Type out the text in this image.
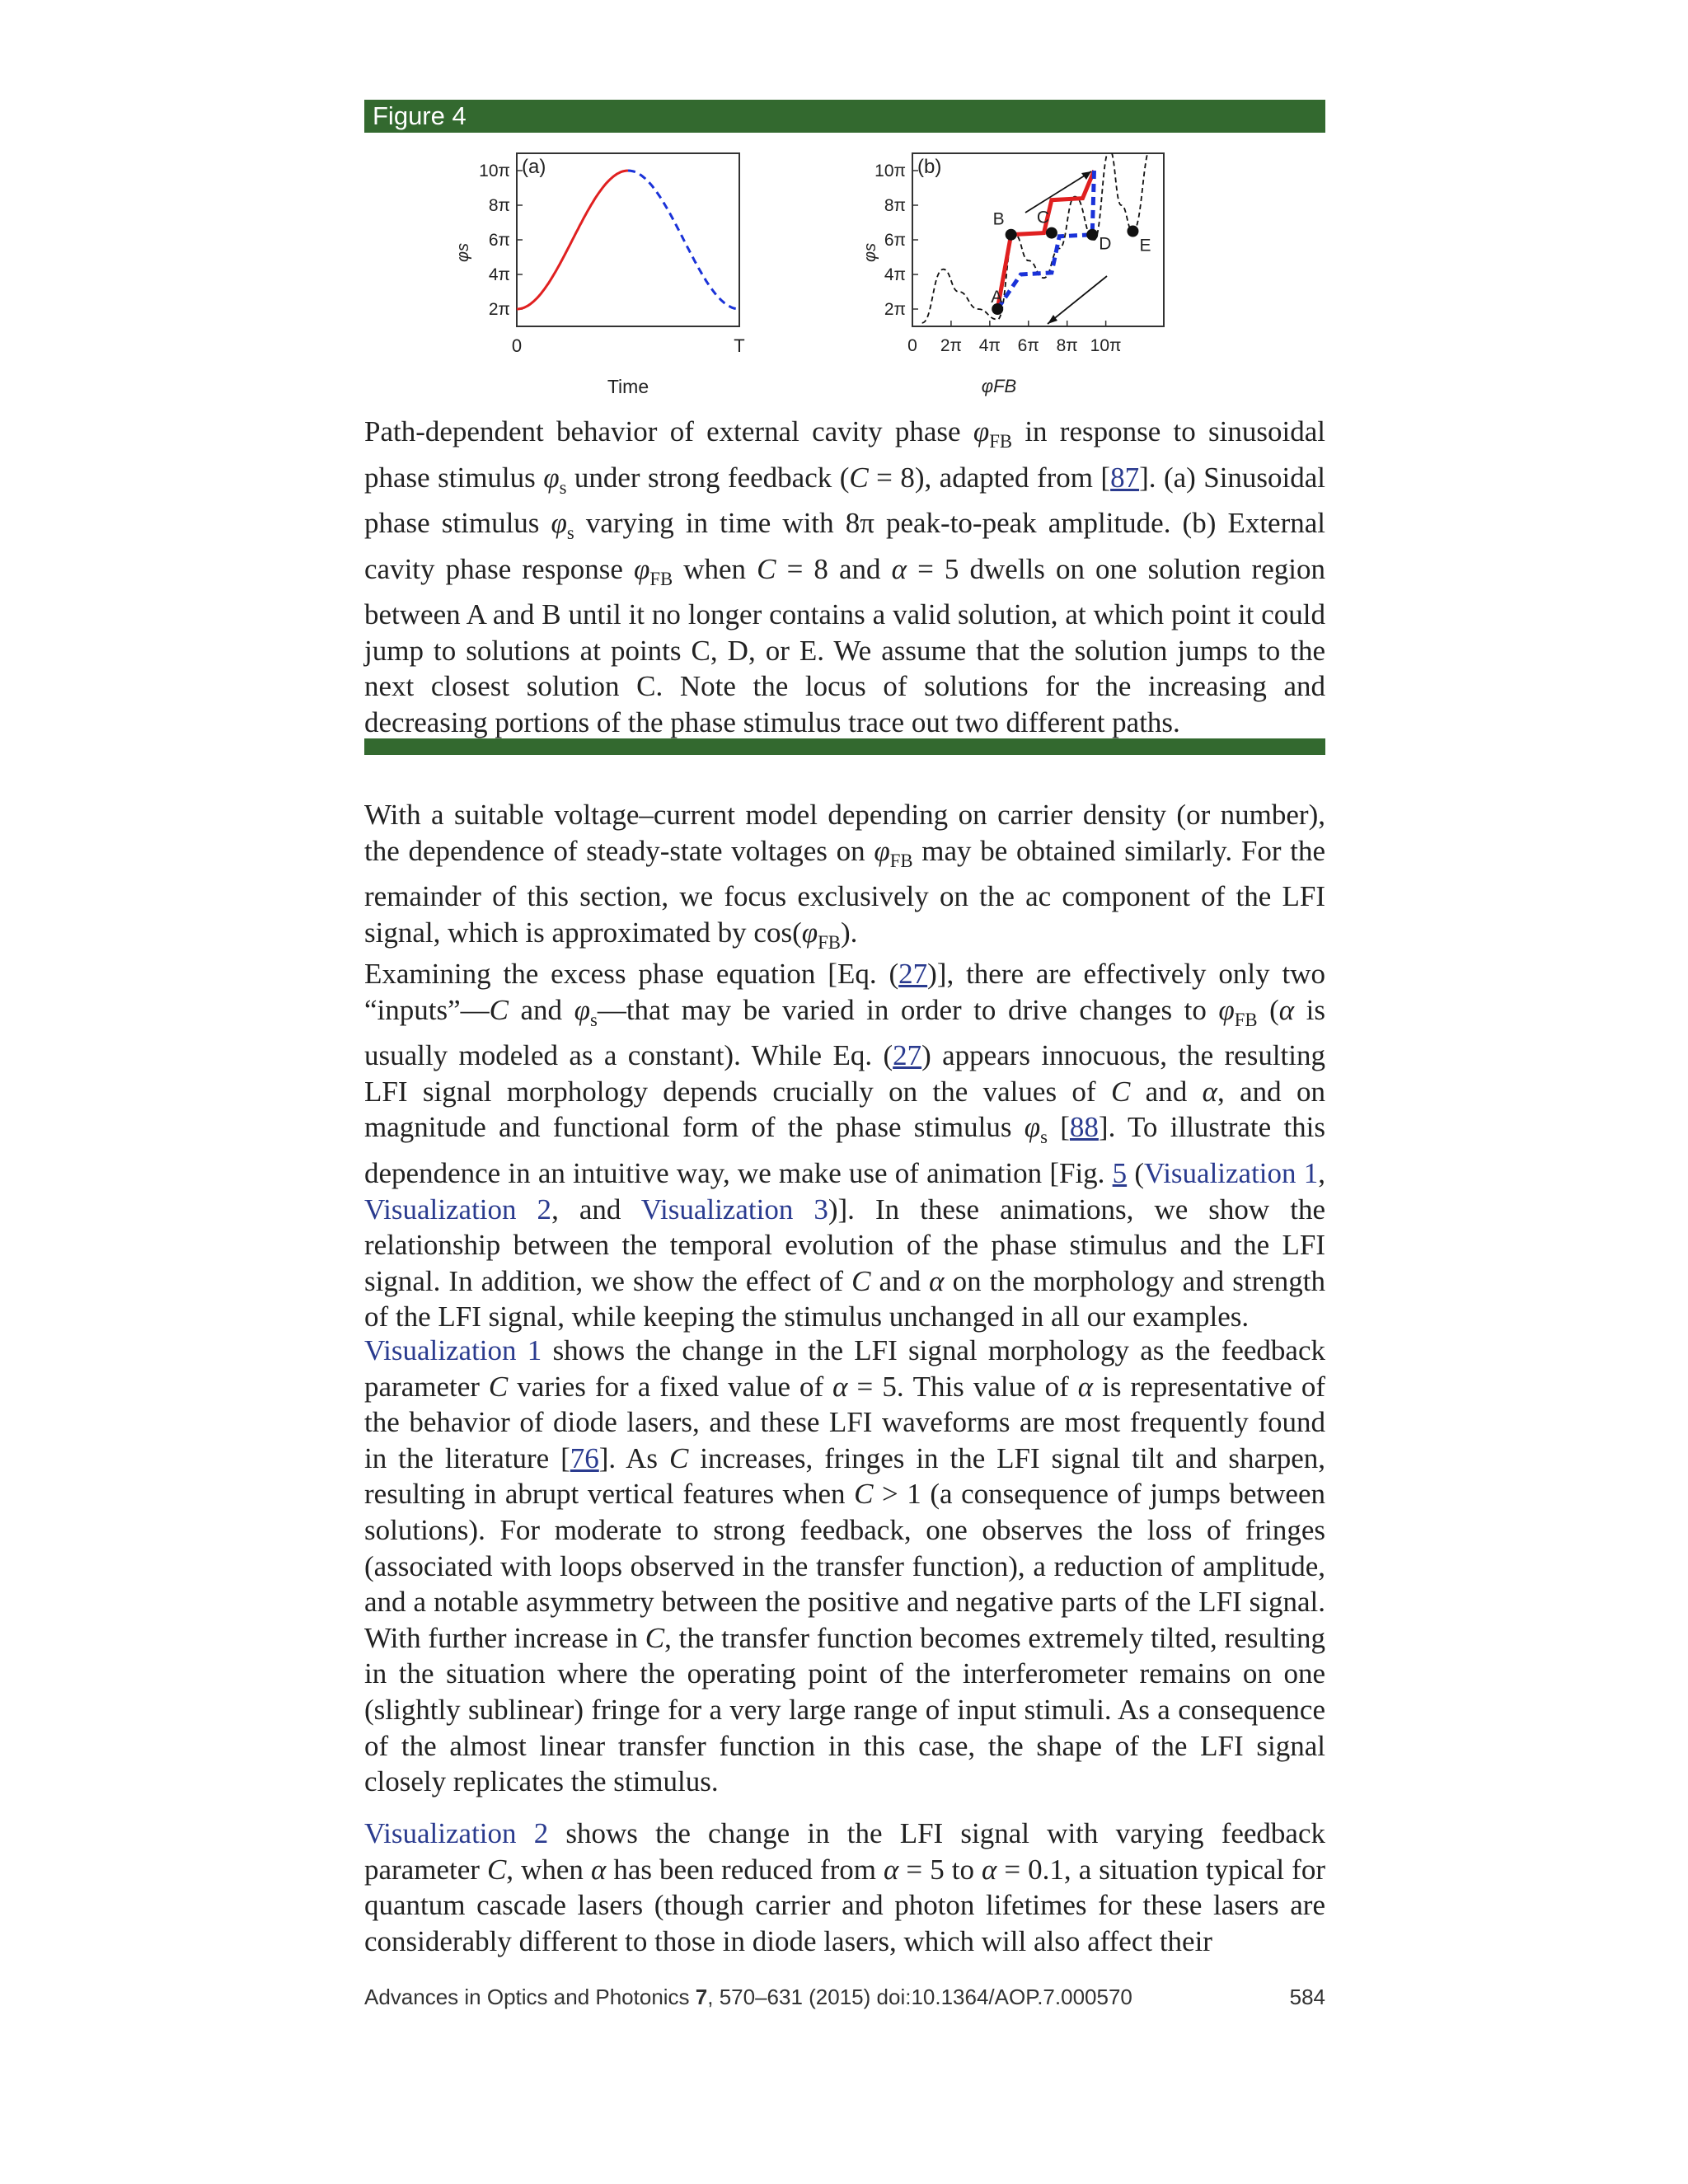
Figure 4
(a)
φs
2π
4π
6π
8π
10π
0	T
Time
(b)
φs
2π
4π
6π
8π
10π
0 2π 4π 6π 8π 10π
φFB
A
B C
D E

Path-dependent behavior of external cavity phase $\varphi_{FB}$ in response to sinusoidal phase stimulus $\varphi_s$ under strong feedback (C = 8), adapted from [87]. (a) Sinusoidal phase stimulus $\varphi_s$ varying in time with 8π peak-to-peak amplitude. (b) External cavity phase response $\varphi_{FB}$ when C = 8 and α = 5 dwells on one solution region between A and B until it no longer contains a valid solution, at which point it could jump to solutions at points C, D, or E. We assume that the solution jumps to the next closest solution C. Note the locus of solutions for the increasing and decreasing portions of the phase stimulus trace out two different paths.

With a suitable voltage–current model depending on carrier density (or number), the dependence of steady-state voltages on $\varphi_{FB}$ may be obtained similarly. For the remainder of this section, we focus exclusively on the ac component of the LFI signal, which is approximated by $\cos(\varphi_{FB})$.

Examining the excess phase equation [Eq. (27)], there are effectively only two “inputs”—C and $\varphi_s—that$ may be varied in order to drive changes to $\varphi_{FB}$ (α is usually modeled as a constant). While Eq. (27) appears innocuous, the resulting LFI signal morphology depends crucially on the values of C and α, and on magnitude and functional form of the phase stimulus $\varphi_s$ [88]. To illustrate this dependence in an intuitive way, we make use of animation [Fig. 5 (Visualization 1, Visualization 2, and Visualization 3)]. In these animations, we show the relationship between the temporal evolution of the phase stimulus and the LFI signal. In addition, we show the effect of C and α on the morphology and strength of the LFI signal, while keeping the stimulus unchanged in all our examples.

Visualization 1 shows the change in the LFI signal morphology as the feedback parameter C varies for a fixed value of α = 5. This value of α is representative of the behavior of diode lasers, and these LFI waveforms are most frequently found in the literature [76]. As C increases, fringes in the LFI signal tilt and sharpen, resulting in abrupt vertical features when C > 1 (a consequence of jumps between solutions). For moderate to strong feedback, one observes the loss of fringes (associated with loops observed in the transfer function), a reduction of amplitude, and a notable asymmetry between the positive and negative parts of the LFI signal. With further increase in C, the transfer function becomes extremely tilted, resulting in the situation where the operating point of the interferometer remains on one (slightly sublinear) fringe for a very large range of input stimuli. As a consequence of the almost linear transfer function in this case, the shape of the LFI signal closely replicates the stimulus.

Visualization 2 shows the change in the LFI signal with varying feedback parameter C, when α has been reduced from α = 5 to α = 0.1, a situation typical for quantum cascade lasers (though carrier and photon lifetimes for these lasers are considerably different to those in diode lasers, which will also affect their

Advances in Optics and Photonics 7, 570–631 (2015) doi:10.1364/AOP.7.000570	584
